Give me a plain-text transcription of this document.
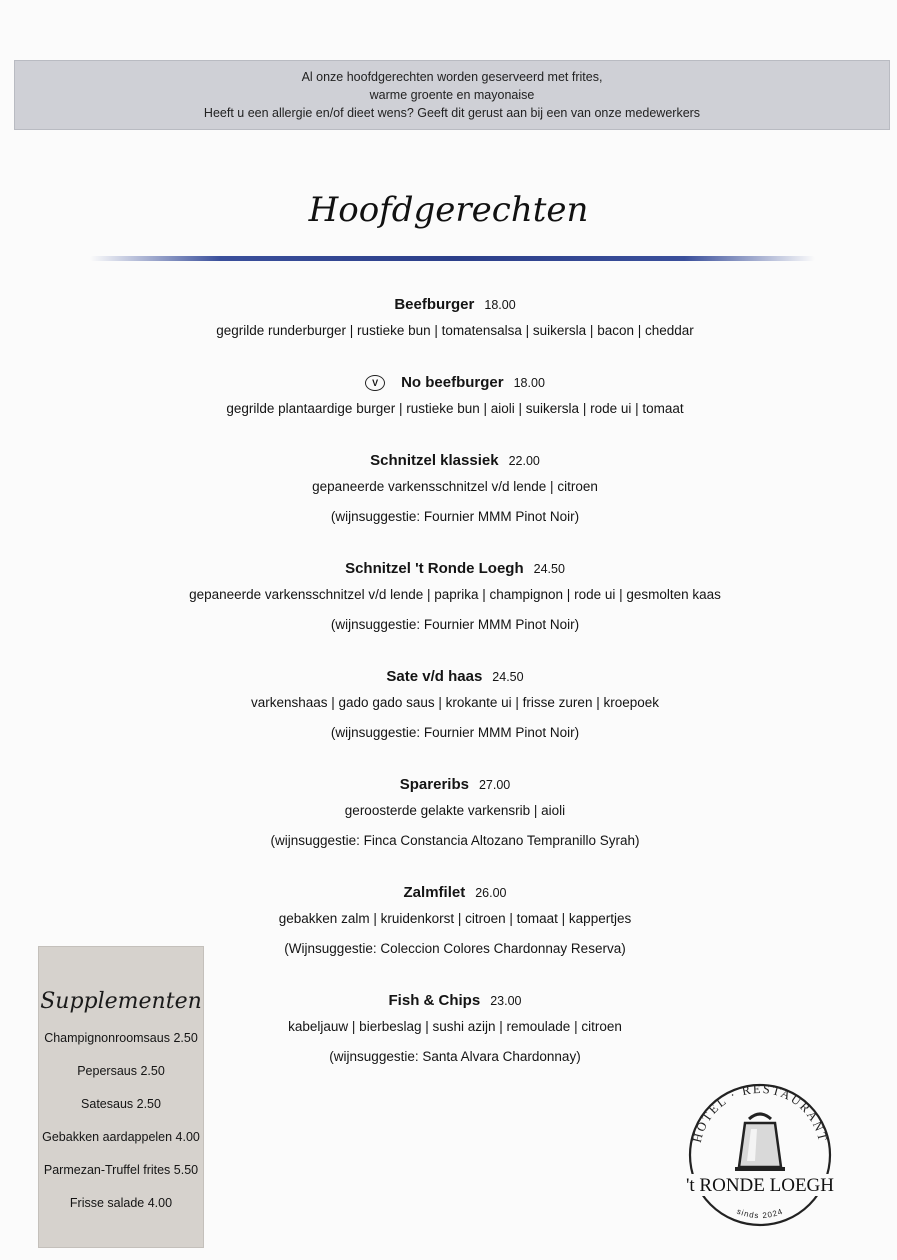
Al onze hoofdgerechten worden geserveerd met frites,
warme groente en mayonaise
Heeft u een allergie en/of dieet wens? Geeft dit gerust aan bij een van onze medewerkers
Hoofdgerechten
Beefburger 18.00
gegrilde runderburger | rustieke bun | tomatensalsa | suikersla | bacon | cheddar
V No beefburger 18.00
gegrilde plantaardige burger | rustieke bun | aioli | suikersla | rode ui | tomaat
Schnitzel klassiek 22.00
gepaneerde varkensschnitzel v/d lende | citroen
(wijnsuggestie: Fournier MMM Pinot Noir)
Schnitzel 't Ronde Loegh 24.50
gepaneerde varkensschnitzel v/d lende | paprika | champignon | rode ui | gesmolten kaas
(wijnsuggestie: Fournier MMM Pinot Noir)
Sate v/d haas 24.50
varkenshaas | gado gado saus | krokante ui | frisse zuren | kroepoek
(wijnsuggestie: Fournier MMM Pinot Noir)
Spareribs 27.00
geroosterde gelakte varkensrib | aioli
(wijnsuggestie: Finca Constancia Altozano Tempranillo Syrah)
Zalmfilet 26.00
gebakken zalm | kruidenkorst | citroen | tomaat | kappertjes
(Wijnsuggestie: Coleccion Colores Chardonnay Reserva)
Fish & Chips 23.00
kabeljauw | bierbeslag | sushi azijn | remoulade | citroen
(wijnsuggestie: Santa Alvara Chardonnay)
Supplementen
Champignonroomsaus 2.50
Pepersaus 2.50
Satesaus 2.50
Gebakken aardappelen 4.00
Parmezan-Truffel frites 5.50
Frisse salade 4.00
HOTEL · RESTAURANT
't RONDE LOEGH
sinds 2024
